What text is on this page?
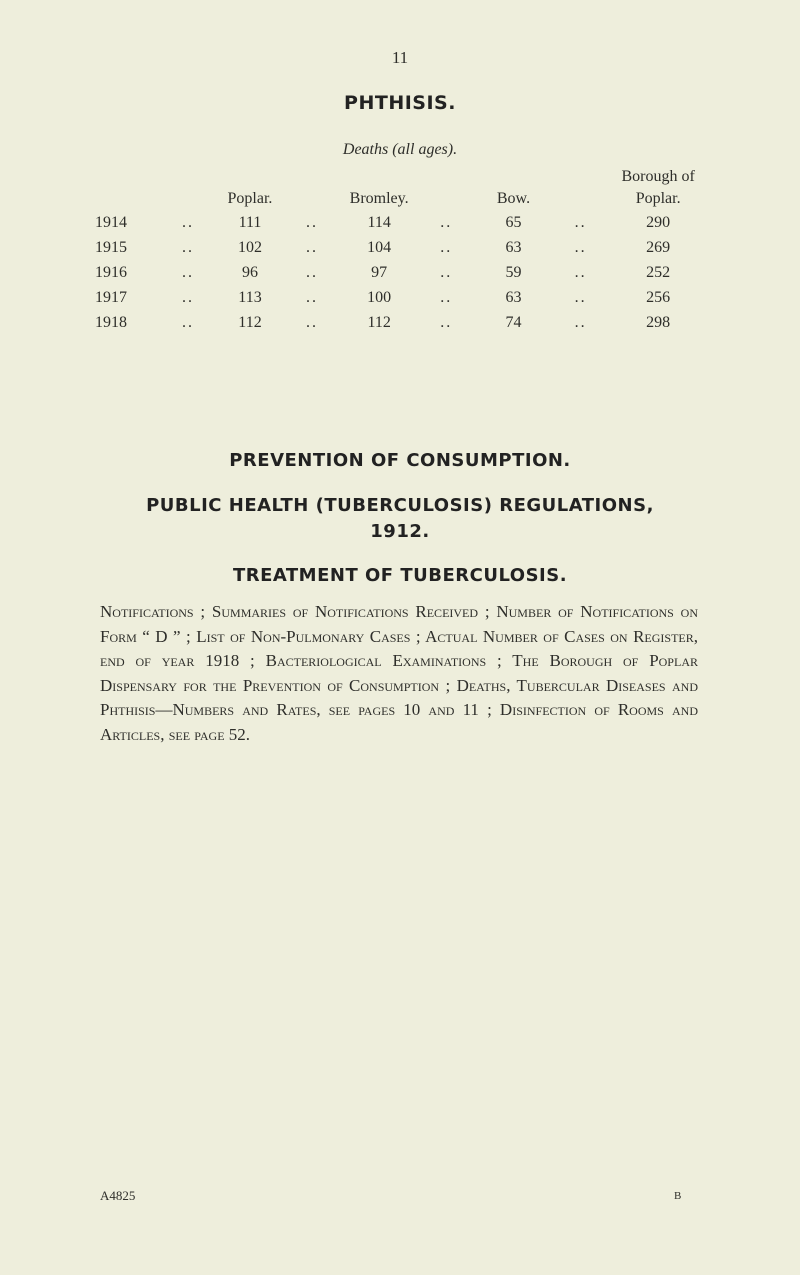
11
PHTHISIS.
Deaths (all ages).
		Poplar.		Bromley.		Bow.		Borough of
Poplar.
1914	..	111	..	114	..	65	..	290
1915	..	102	..	104	..	63	..	269
1916	..	96	..	97	..	59	..	252
1917	..	113	..	100	..	63	..	256
1918	..	112	..	112	..	74	..	298
PREVENTION OF CONSUMPTION.
PUBLIC HEALTH (TUBERCULOSIS) REGULATIONS,
1912.
TREATMENT OF TUBERCULOSIS.
Notifications ; Summaries of Notifications Received ; Number of Notifications on Form “ D ” ; List of Non-Pulmonary Cases ; Actual Number of Cases on Register, end of year 1918 ; Bacteriological Examinations ; The Borough of Poplar Dispensary for the Prevention of Consumption ; Deaths, Tubercular Diseases and Phthisis—Numbers and Rates, see pages 10 and 11 ; Disinfection of Rooms and Articles, see page 52.
A4825	B
